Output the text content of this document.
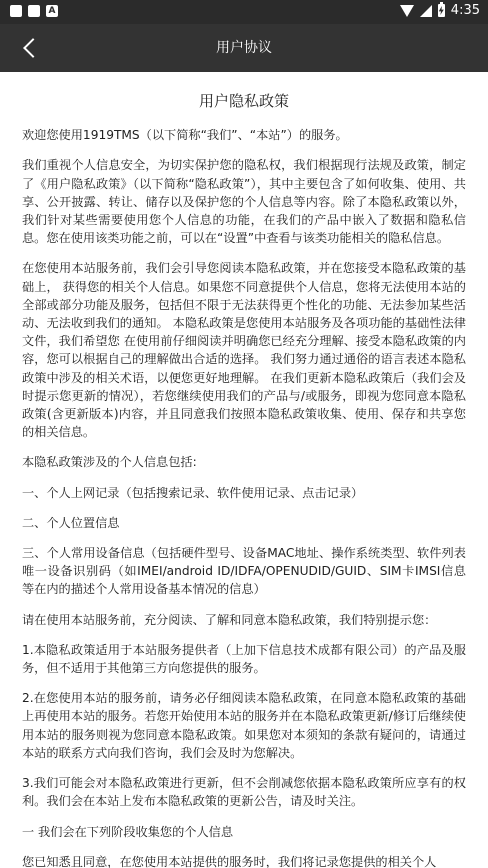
A	4:35
用户协议
用户隐私政策

欢迎您使用1919TMS（以下简称“我们”、“本站”）的服务。

我们重视个人信息安全，为切实保护您的隐私权，我们根据现行法规及政策，制定了《用户隐私政策》（以下简称“隐私政策”），其中主要包含了如何收集、使用、共享、公开披露、转让、储存以及保护您的个人信息等内容。除了本隐私政策以外，我们针对某些需要使用您个人信息的功能，在我们的产品中嵌入了数据和隐私信息。您在使用该类功能之前，可以在“设置”中查看与该类功能相关的隐私信息。

在您使用本站服务前，我们会引导您阅读本隐私政策，并在您接受本隐私政策的基础上， 获得您的相关个人信息。如果您不同意提供个人信息，您将无法使用本站的全部或部分功能及服务，包括但不限于无法获得更个性化的功能、无法参加某些活动、无法收到我们的通知。 本隐私政策是您使用本站服务及各项功能的基础性法律文件，我们希望您 在使用前仔细阅读并明确您已经充分理解、接受本隐私政策的内容，您可以根据自己的理解做出合适的选择。 我们努力通过通俗的语言表述本隐私政策中涉及的相关术语，以便您更好地理解。 在我们更新本隐私政策后（我们会及时提示您更新的情况），若您继续使用我们的产品与/或服务，即视为您同意本隐私政策(含更新版本)内容，并且同意我们按照本隐私政策收集、使用、保存和共享您的相关信息。

本隐私政策涉及的个人信息包括:

一、个人上网记录（包括搜索记录、软件使用记录、点击记录）

二、个人位置信息

三、个人常用设备信息（包括硬件型号、设备MAC地址、操作系统类型、软件列表唯一设备识别码（如IMEI/android ID/IDFA/OPENUDID/GUID、SIM卡IMSI信息等在内的描述个人常用设备基本情况的信息）

请在使用本站服务前，充分阅读、了解和同意本隐私政策，我们特别提示您：

1.本隐私政策适用于本站服务提供者（上加下信息技术成都有限公司）的产品及服务，但不适用于其他第三方向您提供的服务。

2.在您使用本站的服务前，请务必仔细阅读本隐私政策，在同意本隐私政策的基础上再使用本站的服务。若您开始使用本站的服务并在本隐私政策更新/修订后继续使用本站的服务则视为您同意本隐私政策。如果您对本须知的条款有疑问的，请通过本站的联系方式向我们咨询，我们会及时为您解决。

3.我们可能会对本隐私政策进行更新，但不会削减您依据本隐私政策所应享有的权利。我们会在本站上发布本隐私政策的更新公告，请及时关注。

一 我们会在下列阶段收集您的个人信息

您已知悉且同意，在您使用本站提供的服务时，我们将记录您提供的相关个人
